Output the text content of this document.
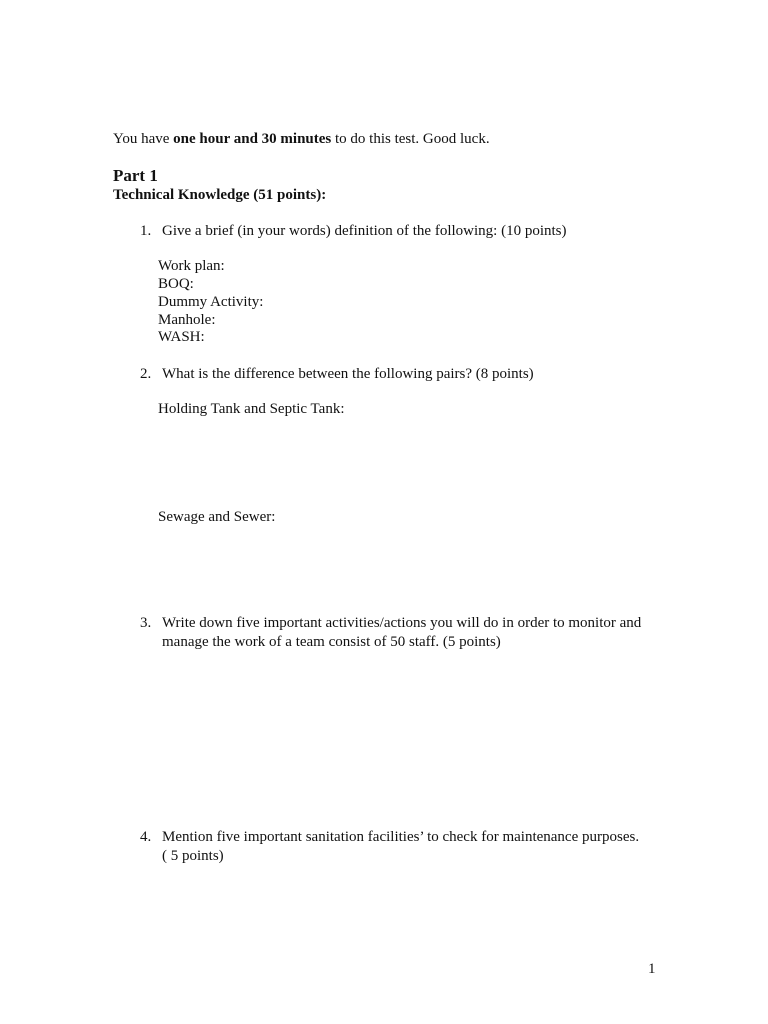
You have one hour and 30 minutes to do this test. Good luck.
Part 1
Technical Knowledge (51 points):
1. Give a brief (in your words) definition of the following: (10 points)
Work plan:
BOQ:
Dummy Activity:
Manhole:
WASH:
2. What is the difference between the following pairs? (8 points)
Holding Tank and Septic Tank:
Sewage and Sewer:
3. Write down five important activities/actions you will do in order to monitor and
manage the work of a team consist of 50 staff. (5 points)
4. Mention five important sanitation facilities’ to check for maintenance purposes.
( 5 points)
1
